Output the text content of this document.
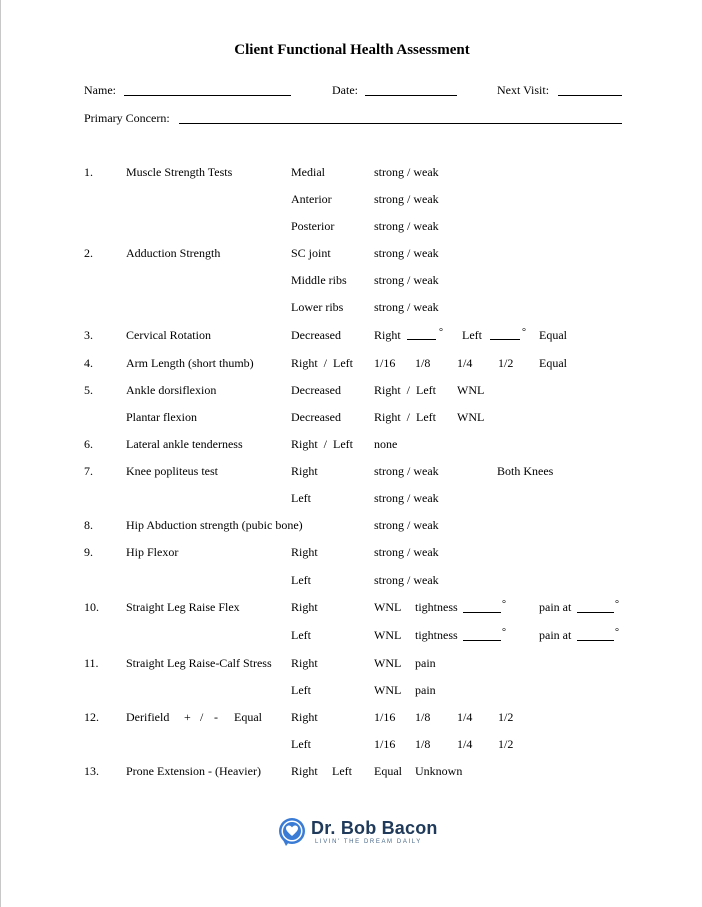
Client Functional Health Assessment
Name:	Date:	Next Visit:
Primary Concern:
1.	Muscle Strength Tests	Medial	strong / weak
Anterior	strong / weak
Posterior	strong / weak
2.	Adduction Strength	SC joint	strong / weak
Middle ribs strong / weak
Lower ribs	strong / weak
3.	Cervical Rotation	Decreased	Right	° Left	° Equal
4.	Arm Length (short thumb)	Right  /  Left 1/16 1/8 1/4 1/2 Equal
5.	Ankle dorsiflexion	Decreased	Right  /  Left WNL
Plantar flexion	Decreased	Right  /  Left WNL
6.	Lateral ankle tenderness	Right  /  Left none
7.	Knee popliteus test	Right	strong / weak	Both Knees
Left	strong / weak
8.	Hip Abduction strength (pubic bone)	strong / weak
9.	Hip Flexor	Right	strong / weak
Left	strong / weak
10. Straight Leg Raise Flex	Right	WNL tightness	°	pain at	°
Left	WNL tightness	°	pain at	°
11. Straight Leg Raise-Calf Stress Right	WNL pain
Left	WNL pain
12. Derifield + / - Equal Right	1/16 1/8 1/4 1/2
Left	1/16 1/8 1/4 1/2
13. Prone Extension - (Heavier)	Right Left Equal Unknown
Dr. Bob Bacon
LIVIN' THE DREAM DAILY
